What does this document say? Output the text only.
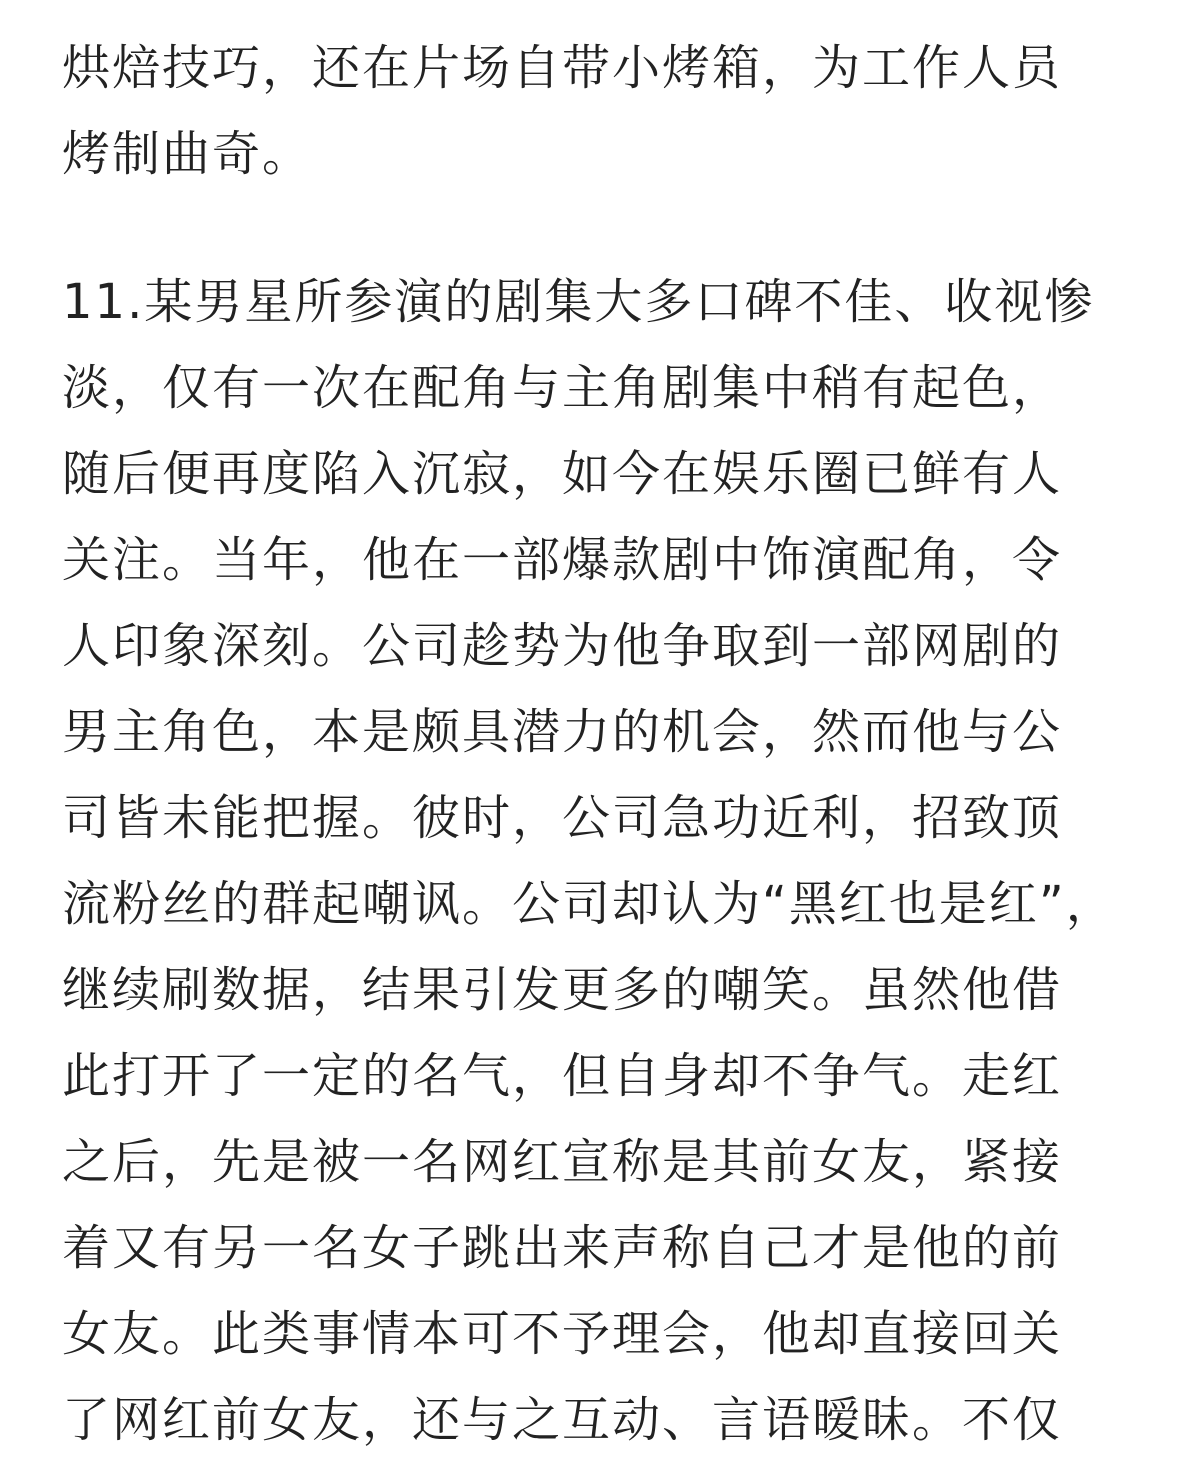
烘焙技巧，还在片场自带小烤箱，为工作人员
烤制曲奇。
11.某男星所参演的剧集大多口碑不佳、收视惨
淡，仅有一次在配角与主角剧集中稍有起色，
随后便再度陷入沉寂，如今在娱乐圈已鲜有人
关注。当年，他在一部爆款剧中饰演配角，令
人印象深刻。公司趁势为他争取到一部网剧的
男主角色，本是颇具潜力的机会，然而他与公
司皆未能把握。彼时，公司急功近利，招致顶
流粉丝的群起嘲讽。公司却认为“黑红也是红”，
继续刷数据，结果引发更多的嘲笑。虽然他借
此打开了一定的名气，但自身却不争气。走红
之后，先是被一名网红宣称是其前女友，紧接
着又有另一名女子跳出来声称自己才是他的前
女友。此类事情本可不予理会，他却直接回关
了网红前女友，还与之互动、言语暧昧。不仅
